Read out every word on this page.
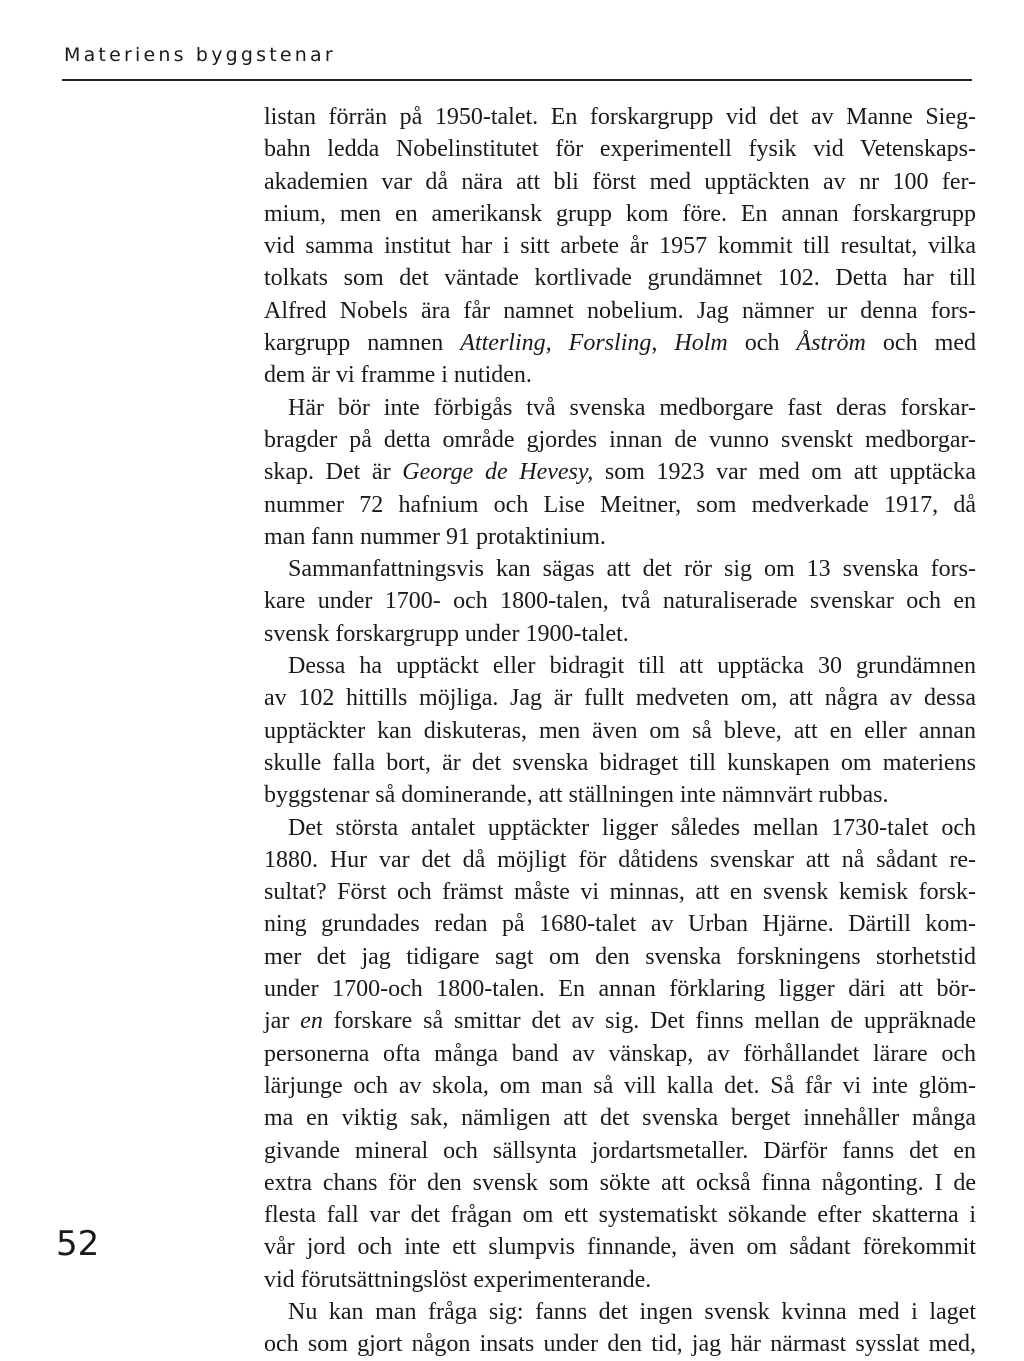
Materiens byggstenar
listan förrän på 1950-talet. En forskargrupp vid det av Manne Sieg-
bahn ledda Nobelinstitutet för experimentell fysik vid Vetenskaps-
akademien var då nära att bli först med upptäckten av nr 100 fer-
mium, men en amerikansk grupp kom före. En annan forskargrupp
vid samma institut har i sitt arbete år 1957 kommit till resultat, vilka
tolkats som det väntade kortlivade grundämnet 102. Detta har till
Alfred Nobels ära får namnet nobelium. Jag nämner ur denna fors-
kargrupp namnen Atterling, Forsling, Holm och Åström och med
dem är vi framme i nutiden.
Här bör inte förbigås två svenska medborgare fast deras forskar-
bragder på detta område gjordes innan de vunno svenskt medborgar-
skap. Det är George de Hevesy, som 1923 var med om att upptäcka
nummer 72 hafnium och Lise Meitner, som medverkade 1917, då
man fann nummer 91 protaktinium.
Sammanfattningsvis kan sägas att det rör sig om 13 svenska fors-
kare under 1700- och 1800-talen, två naturaliserade svenskar och en
svensk forskargrupp under 1900-talet.
Dessa ha upptäckt eller bidragit till att upptäcka 30 grundämnen
av 102 hittills möjliga. Jag är fullt medveten om, att några av dessa
upptäckter kan diskuteras, men även om så bleve, att en eller annan
skulle falla bort, är det svenska bidraget till kunskapen om materiens
byggstenar så dominerande, att ställningen inte nämnvärt rubbas.
Det största antalet upptäckter ligger således mellan 1730-talet och
1880. Hur var det då möjligt för dåtidens svenskar att nå sådant re-
sultat? Först och främst måste vi minnas, att en svensk kemisk forsk-
ning grundades redan på 1680-talet av Urban Hjärne. Därtill kom-
mer det jag tidigare sagt om den svenska forskningens storhetstid
under 1700-och 1800-talen. En annan förklaring ligger däri att bör-
jar en forskare så smittar det av sig. Det finns mellan de uppräknade
personerna ofta många band av vänskap, av förhållandet lärare och
lärjunge och av skola, om man så vill kalla det. Så får vi inte glöm-
ma en viktig sak, nämligen att det svenska berget innehåller många
givande mineral och sällsynta jordartsmetaller. Därför fanns det en
extra chans för den svensk som sökte att också finna någonting. I de
flesta fall var det frågan om ett systematiskt sökande efter skatterna i
vår jord och inte ett slumpvis finnande, även om sådant förekommit
vid förutsättningslöst experimenterande.
Nu kan man fråga sig: fanns det ingen svensk kvinna med i laget
och som gjort någon insats under den tid, jag här närmast sysslat med,
52
